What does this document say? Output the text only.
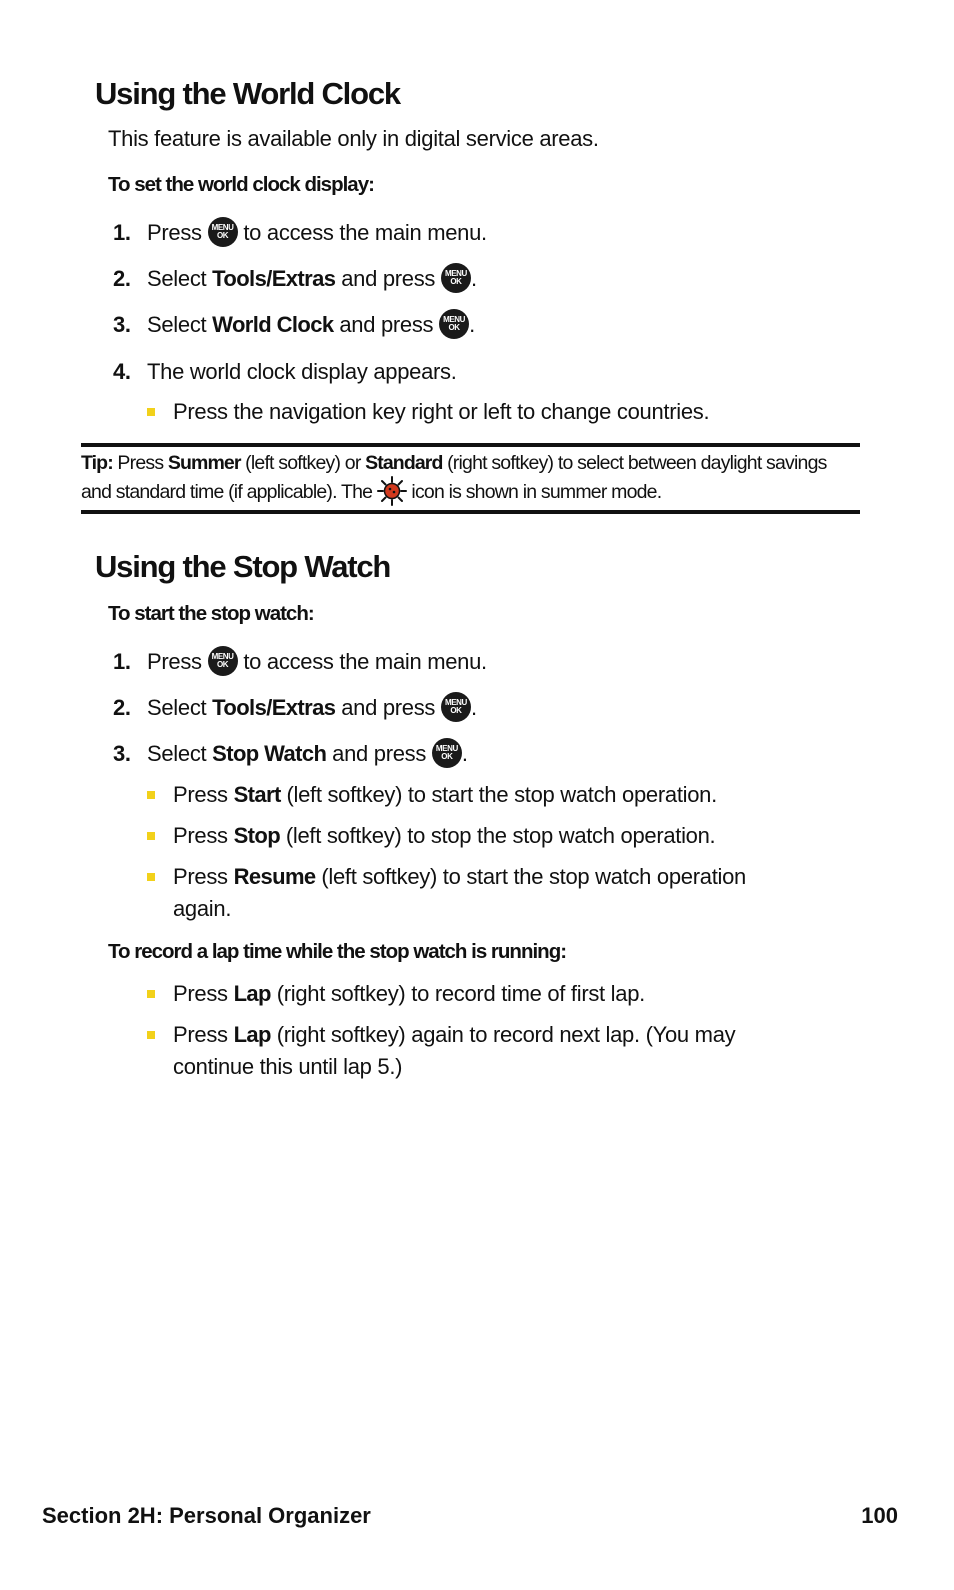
Using the World Clock
This feature is available only in digital service areas.
To set the world clock display:
1. Press	MENU
OK to access the main menu.
2. Select Tools/Extras and press	MENU
OK .
3. Select World Clock and press	MENU
OK .
4. The world clock display appears.
Press the navigation key right or left to change countries.
Tip: Press Summer (left softkey) or Standard (right softkey) to select between daylight savings and standard time (if applicable). The icon is shown in summer mode.
Using the Stop Watch
To start the stop watch:
1. Press	MENU
OK to access the main menu.
2. Select Tools/Extras and press	MENU
OK .
3. Select Stop Watch and press	MENU
OK .
Press Start (left softkey) to start the stop watch operation.
Press Stop (left softkey) to stop the stop watch operation.
Press Resume (left softkey) to start the stop watch operation again.
To record a lap time while the stop watch is running:
Press Lap (right softkey) to record time of first lap.
Press Lap (right softkey) again to record next lap. (You may continue this until lap 5.)
Section 2H: Personal Organizer	100
